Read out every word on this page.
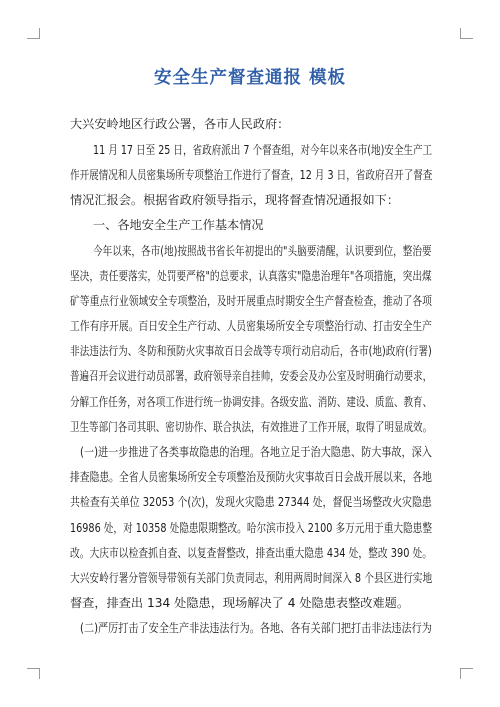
安全生产督查通报 模板
大兴安岭地区行政公署，各市人民政府：
11 月 17 日至 25 日，省政府派出 7 个督查组，对今年以来各市(地)安全生产工
作开展情况和人员密集场所专项整治工作进行了督查，12 月 3 日，省政府召开了督查
情况汇报会。根据省政府领导指示，现将督查情况通报如下：
一、各地安全生产工作基本情况
今年以来，各市(地)按照战书省长年初提出的"头脑要清醒，认识要到位，整治要
坚决，责任要落实，处罚要严格"的总要求，认真落实"隐患治理年"各项措施，突出煤
矿等重点行业领域安全专项整治，及时开展重点时期安全生产督查检查，推动了各项
工作有序开展。百日安全生产行动、人员密集场所安全专项整治行动、打击安全生产
非法违法行为、冬防和预防火灾事故百日会战等专项行动启动后，各市(地)政府(行署)
普遍召开会议进行动员部署，政府领导亲自挂帅，安委会及办公室及时明确行动要求，
分解工作任务，对各项工作进行统一协调安排。各级安监、消防、建设、质监、教育、
卫生等部门各司其职、密切协作、联合执法，有效推进了工作开展，取得了明显成效。
(一)进一步推进了各类事故隐患的治理。各地立足于治大隐患、防大事故，深入
排查隐患。全省人员密集场所安全专项整治及预防火灾事故百日会战开展以来，各地
共检查有关单位 32053 个(次)，发现火灾隐患 27344 处，督促当场整改火灾隐患
16986 处，对 10358 处隐患限期整改。哈尔滨市投入 2100 多万元用于重大隐患整
改。大庆市以检查抓自查、以复查督整改，排查出重大隐患 434 处，整改 390 处。
大兴安岭行署分管领导带领有关部门负责同志，利用两周时间深入 8 个县区进行实地
督查，排查出 134 处隐患，现场解决了 4 处隐患表整改难题。
(二)严厉打击了安全生产非法违法行为。各地、各有关部门把打击非法违法行为
